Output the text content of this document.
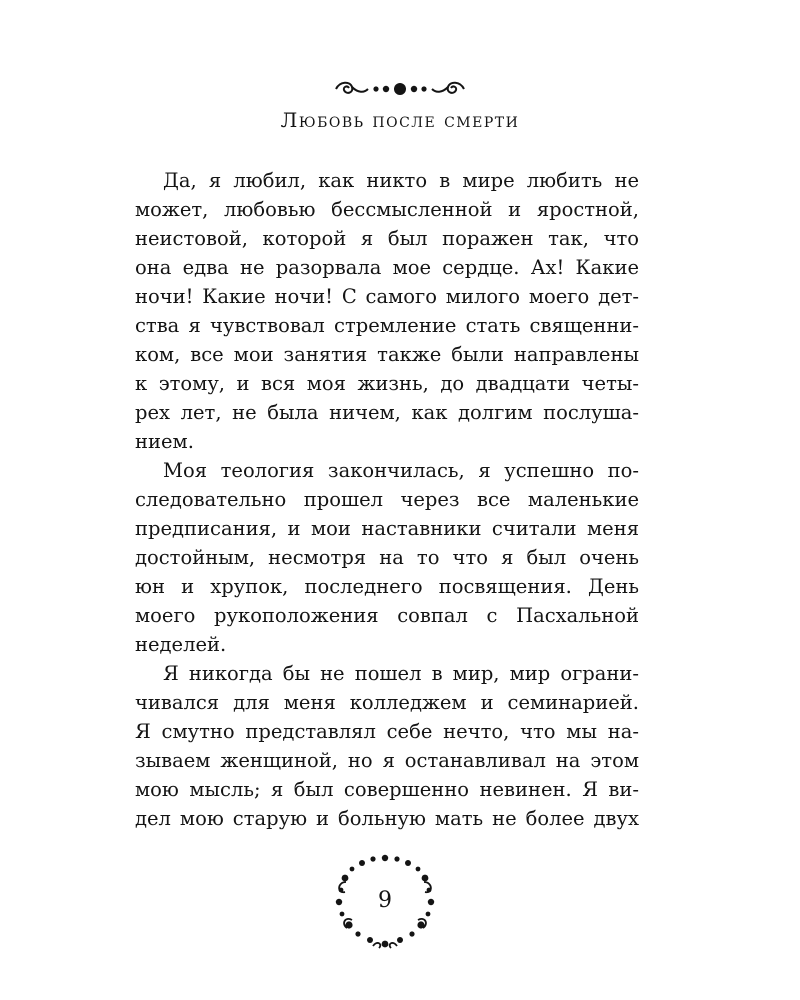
Любовь после смерти

Да, я любил, как никто в мире любить не
может, любовью бессмысленной и яростной,
неистовой, которой я был поражен так, что
она едва не разорвала мое сердце. Ах! Какие
ночи! Какие ночи! С самого милого моего дет-
ства я чувствовал стремление стать священни-
ком, все мои занятия также были направлены
к этому, и вся моя жизнь, до двадцати четы-
рех лет, не была ничем, как долгим послуша-
нием.

Моя теология закончилась, я успешно по-
следовательно прошел через все маленькие
предписания, и мои наставники считали меня
достойным, несмотря на то что я был очень
юн и хрупок, последнего посвящения. День
моего рукоположения совпал с Пасхальной
неделей.

Я никогда бы не пошел в мир, мир ограни-
чивался для меня колледжем и семинарией.
Я смутно представлял себе нечто, что мы на-
зываем женщиной, но я останавливал на этом
мою мысль; я был совершенно невинен. Я ви-
дел мою старую и больную мать не более двух

9
